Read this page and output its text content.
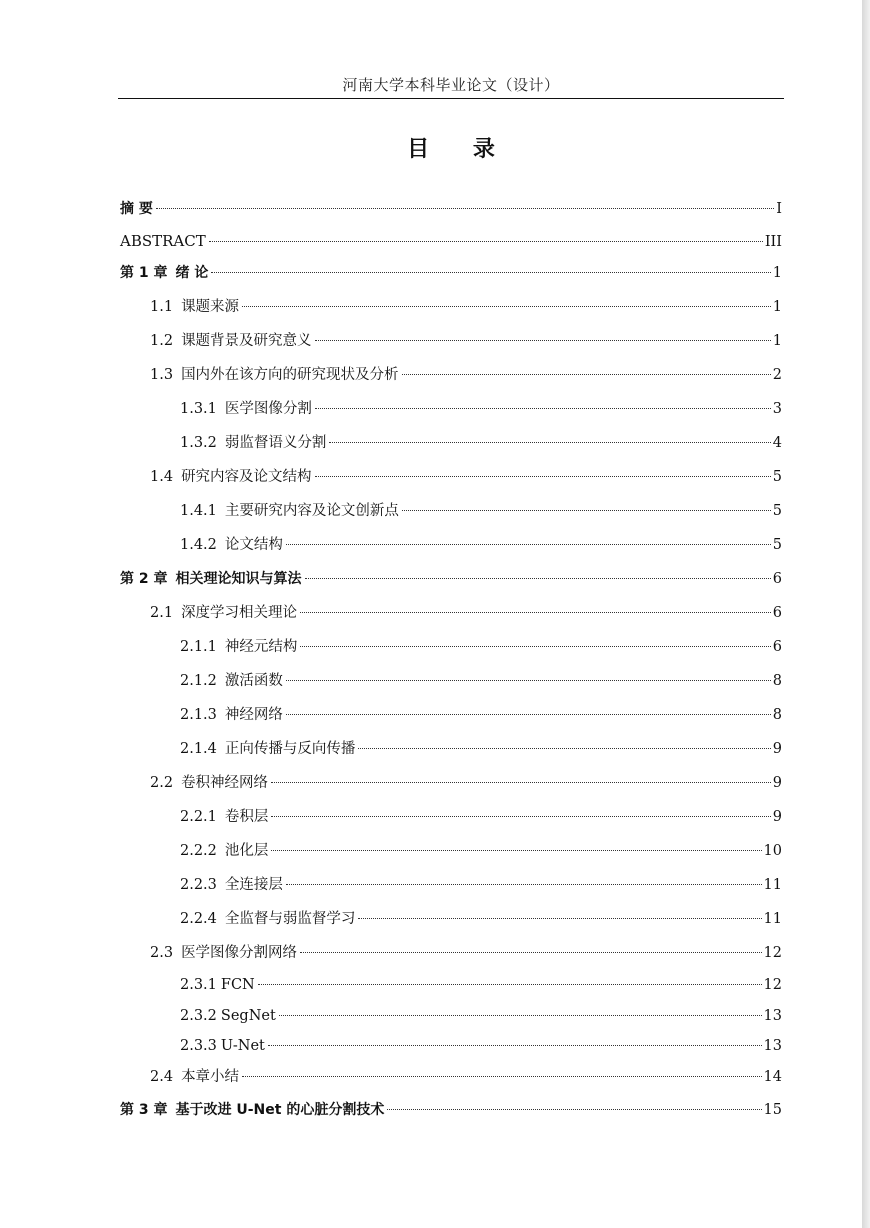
河南大学本科毕业论文（设计）
目 录
摘 要	I
ABSTRACT	III
第 1 章 绪 论	1
1.1 课题来源	1
1.2 课题背景及研究意义	1
1.3 国内外在该方向的研究现状及分析	2
1.3.1 医学图像分割	3
1.3.2 弱监督语义分割	4
1.4 研究内容及论文结构	5
1.4.1 主要研究内容及论文创新点	5
1.4.2 论文结构	5
第 2 章 相关理论知识与算法	6
2.1 深度学习相关理论	6
2.1.1 神经元结构	6
2.1.2 激活函数	8
2.1.3 神经网络	8
2.1.4 正向传播与反向传播	9
2.2 卷积神经网络	9
2.2.1 卷积层	9
2.2.2 池化层	10
2.2.3 全连接层	11
2.2.4 全监督与弱监督学习	11
2.3 医学图像分割网络	12
2.3.1 FCN	12
2.3.2 SegNet	13
2.3.3 U-Net	13
2.4 本章小结	14
第 3 章 基于改进 U-Net 的心脏分割技术	15
